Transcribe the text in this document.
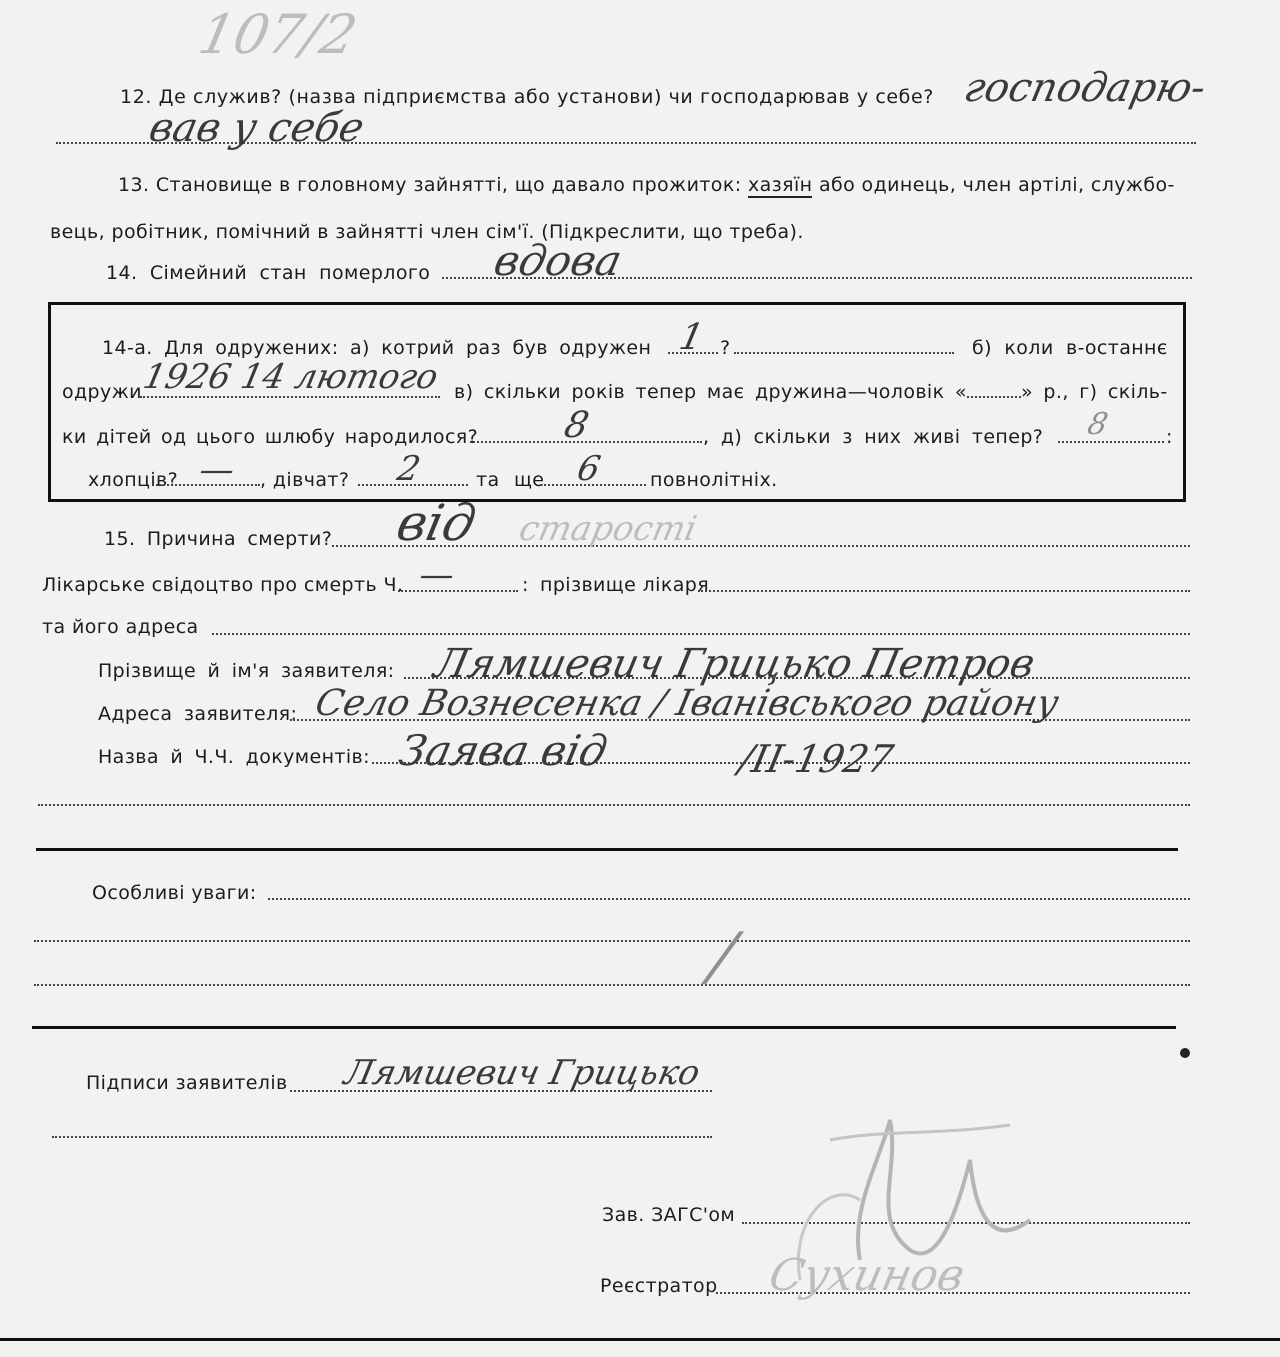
107/2
12. Де служив? (назва підприємства або установи) чи господарював у себе? господарю-
вав у себе
13. Становище в головному зайнятті, що давало прожиток: хазяїн або одинець, член артілі, службо-
вець, робітник, помічний в зайнятті член сім'ї. (Підкреслити, що треба).
14. Сімейний стан померлого вдова
14-а. Для одружених: а) котрий раз був одружен 1 ?	б) коли в-останнє
одружи
1926 14 лютого в) скільки років тепер має дружина—чоловік «	» р., г) скіль-
ки дітей од цього шлюбу народилося? 8	, д) скільки з них живі тепер? 8	:
хлопців? — , дівчат? 2	та ще 6 повнолітніх.
15. Причина смерти? від старості
Лікарське свідоцтво про смерть Ч. —	: прізвище лікаря
та його адреса
Прізвище й ім'я заявителя: Лямшевич Грицько Петров
Адреса заявителя: Село Вознесенка / Іванівського району
Назва й Ч.Ч. документів: Заява від	/II-1927
Особливі уваги:
/
Підписи заявителів Лямшевич Грицько
Зав. ЗАГС'ом
Реєстратор Сухинов
